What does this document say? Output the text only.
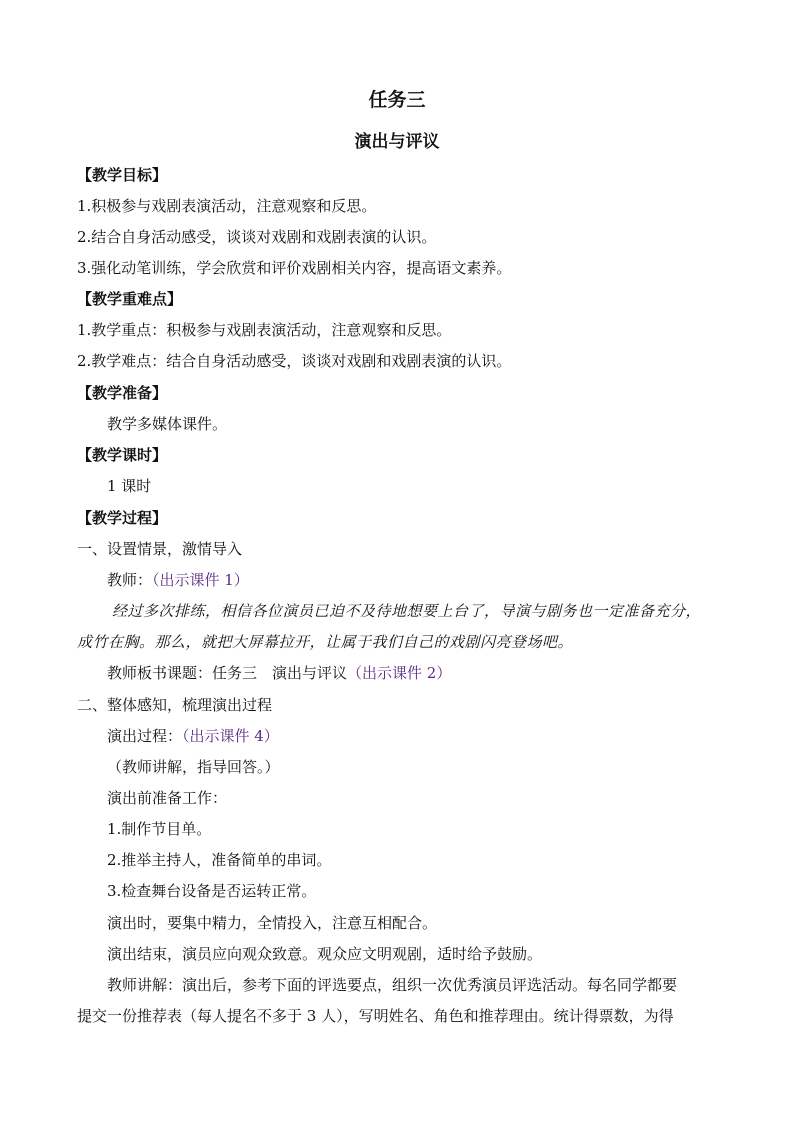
任务三
演出与评议
【教学目标】
1.积极参与戏剧表演活动，注意观察和反思。
2.结合自身活动感受，谈谈对戏剧和戏剧表演的认识。
3.强化动笔训练，学会欣赏和评价戏剧相关内容，提高语文素养。
【教学重难点】
1.教学重点：积极参与戏剧表演活动，注意观察和反思。
2.教学难点：结合自身活动感受，谈谈对戏剧和戏剧表演的认识。
【教学准备】
教学多媒体课件。
【教学课时】
1 课时
【教学过程】
一、设置情景，激情导入
教师：（出示课件 1）
经过多次排练，相信各位演员已迫不及待地想要上台了，导演与剧务也一定准备充分，
成竹在胸。那么，就把大屏幕拉开，让属于我们自己的戏剧闪亮登场吧。
教师板书课题：任务三　演出与评议（出示课件 2）
二、整体感知，梳理演出过程
演出过程：（出示课件 4）
（教师讲解，指导回答。）
演出前准备工作：
1.制作节目单。
2.推举主持人，准备简单的串词。
3.检查舞台设备是否运转正常。
演出时，要集中精力，全情投入，注意互相配合。
演出结束，演员应向观众致意。观众应文明观剧，适时给予鼓励。
教师讲解：演出后，参考下面的评选要点，组织一次优秀演员评选活动。每名同学都要
提交一份推荐表（每人提名不多于 3 人），写明姓名、角色和推荐理由。统计得票数，为得
